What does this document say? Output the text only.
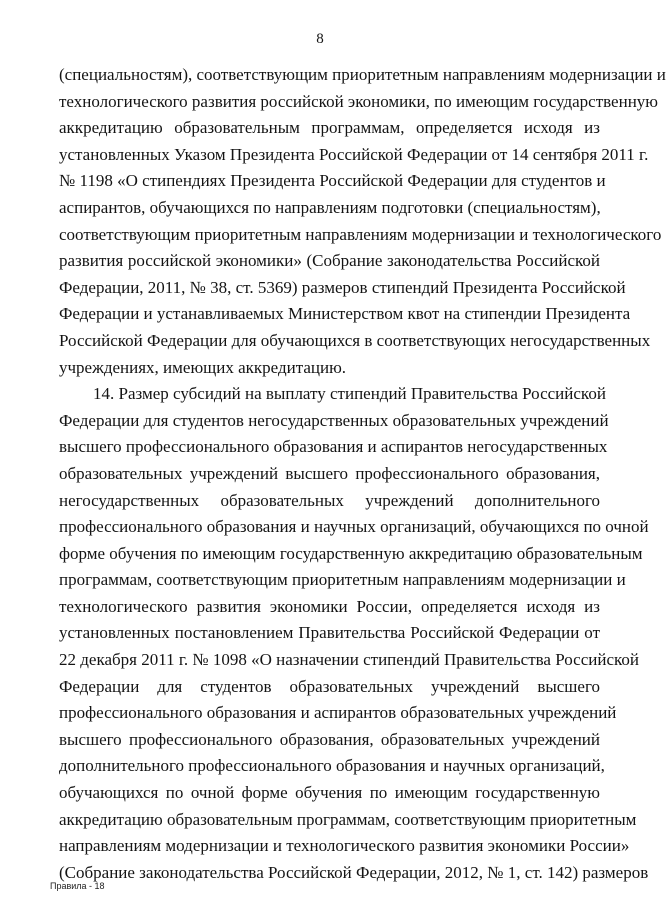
8
(специальностям), соответствующим приоритетным направлениям модернизации и
технологического развития российской экономики, по имеющим государственную
аккредитацию образовательным программам, определяется исходя из
установленных Указом Президента Российской Федерации от 14 сентября 2011 г.
№ 1198 «О стипендиях Президента Российской Федерации для студентов и
аспирантов, обучающихся по направлениям подготовки (специальностям),
соответствующим приоритетным направлениям модернизации и технологического
развития российской экономики» (Собрание законодательства Российской
Федерации, 2011, № 38, ст. 5369) размеров стипендий Президента Российской
Федерации и устанавливаемых Министерством квот на стипендии Президента
Российской Федерации для обучающихся в соответствующих негосударственных
учреждениях, имеющих аккредитацию.
14. Размер субсидий на выплату стипендий Правительства Российской
Федерации для студентов негосударственных образовательных учреждений
высшего профессионального образования и аспирантов негосударственных
образовательных учреждений высшего профессионального образования,
негосударственных образовательных учреждений дополнительного
профессионального образования и научных организаций, обучающихся по очной
форме обучения по имеющим государственную аккредитацию образовательным
программам, соответствующим приоритетным направлениям модернизации и
технологического развития экономики России, определяется исходя из
установленных постановлением Правительства Российской Федерации от
22 декабря 2011 г. № 1098 «О назначении стипендий Правительства Российской
Федерации для студентов образовательных учреждений высшего
профессионального образования и аспирантов образовательных учреждений
высшего профессионального образования, образовательных учреждений
дополнительного профессионального образования и научных организаций,
обучающихся по очной форме обучения по имеющим государственную
аккредитацию образовательным программам, соответствующим приоритетным
направлениям модернизации и технологического развития экономики России»
(Собрание законодательства Российской Федерации, 2012, № 1, ст. 142) размеров
Правила - 18
